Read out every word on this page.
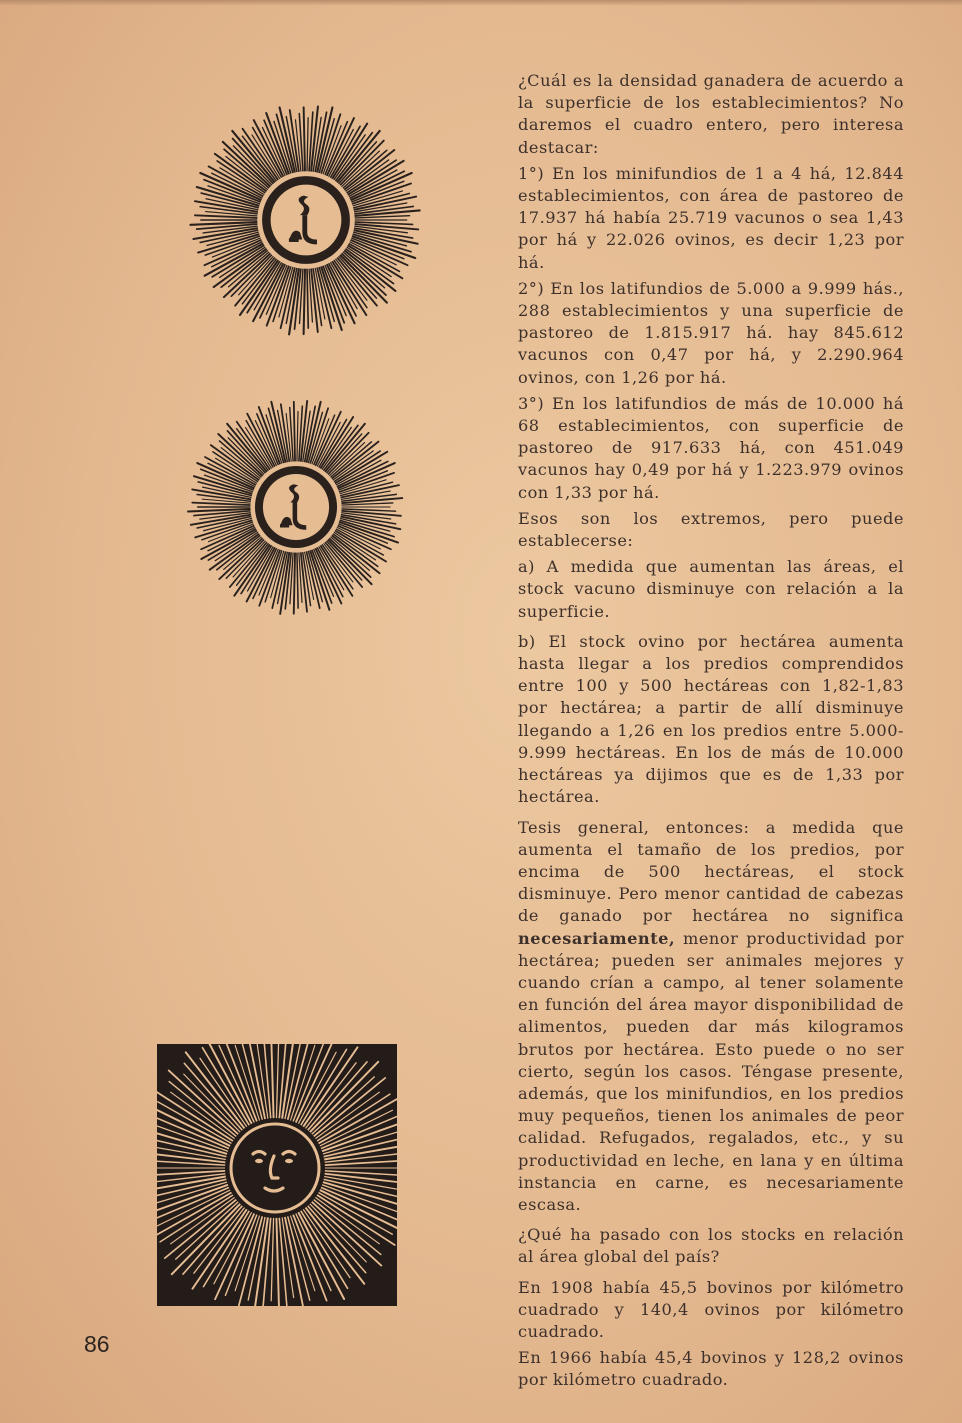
¿Cuál es la densidad ganadera de acuerdo a la superficie de los establecimientos? No daremos el cuadro entero, pero interesa destacar:

1°) En los minifundios de 1 a 4 há, 12.844 establecimientos, con área de pastoreo de 17.937 há había 25.719 vacunos o sea 1,43 por há y 22.026 ovinos, es decir 1,23 por há.

2°) En los latifundios de 5.000 a 9.999 hás., 288 establecimientos y una superficie de pastoreo de 1.815.917 há. hay 845.612 vacunos con 0,47 por há, y 2.290.964 ovinos, con 1,26 por há.

3°) En los latifundios de más de 10.000 há 68 establecimientos, con superficie de pastoreo de 917.633 há, con 451.049 vacunos hay 0,49 por há y 1.223.979 ovinos con 1,33 por há.

Esos son los extremos, pero puede establecerse:

a) A medida que aumentan las áreas, el stock vacuno disminuye con relación a la superficie.

b) El stock ovino por hectárea aumenta hasta llegar a los predios comprendidos entre 100 y 500 hectáreas con 1,82-1,83 por hectárea; a partir de allí disminuye llegando a 1,26 en los predios entre 5.000-9.999 hectáreas. En los de más de 10.000 hectáreas ya dijimos que es de 1,33 por hectárea.

Tesis general, entonces: a medida que aumenta el tamaño de los predios, por encima de 500 hectáreas, el stock disminuye. Pero menor cantidad de cabezas de ganado por hectárea no significa necesariamente, menor productividad por hectárea; pueden ser animales mejores y cuando crían a campo, al tener solamente en función del área mayor disponibilidad de alimentos, pueden dar más kilogramos brutos por hectárea. Esto puede o no ser cierto, según los casos. Téngase presente, además, que los minifundios, en los predios muy pequeños, tienen los animales de peor calidad. Refugados, regalados, etc., y su productividad en leche, en lana y en última instancia en carne, es necesariamente escasa.

¿Qué ha pasado con los stocks en relación al área global del país?

En 1908 había 45,5 bovinos por kilómetro cuadrado y 140,4 ovinos por kilómetro cuadrado.

En 1966 había 45,4 bovinos y 128,2 ovinos por kilómetro cuadrado.

86
